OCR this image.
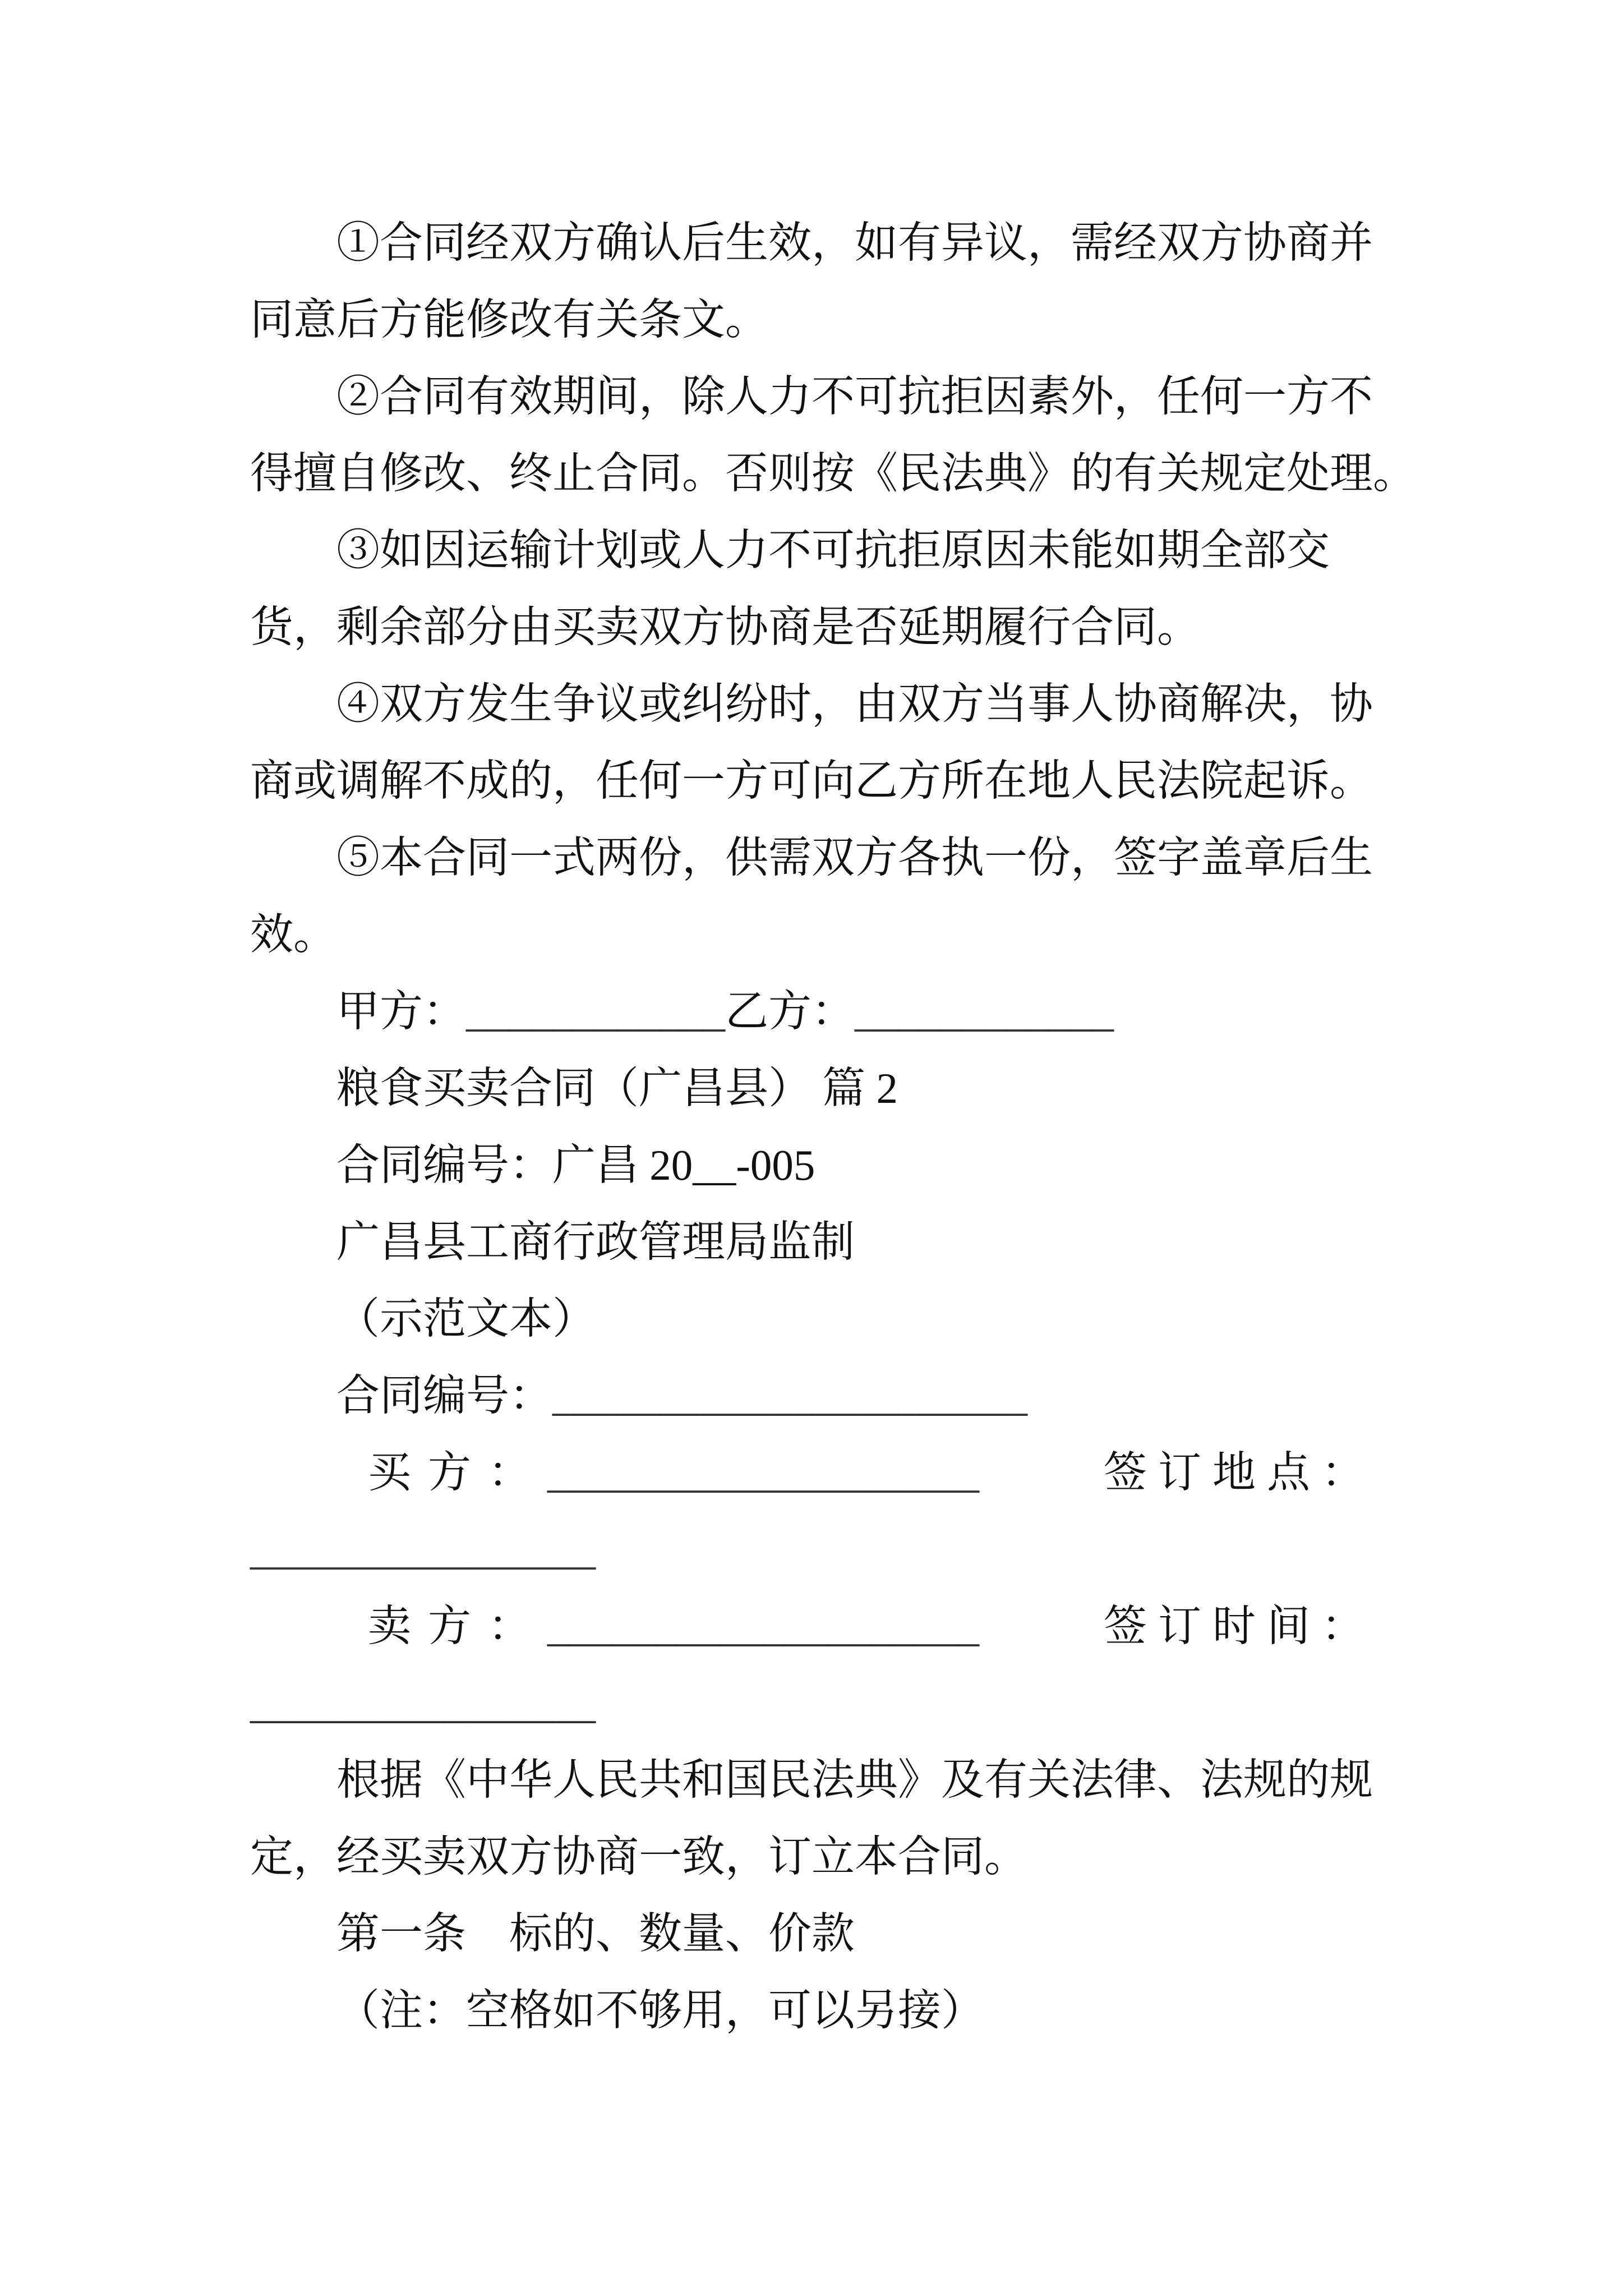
①合同经双方确认后生效，如有异议，需经双方协商并
同意后方能修改有关条文。
②合同有效期间，除人力不可抗拒因素外，任何一方不
得擅自修改、终止合同。否则按《民法典》的有关规定处理。
③如因运输计划或人力不可抗拒原因未能如期全部交
货，剩余部分由买卖双方协商是否延期履行合同。
④双方发生争议或纠纷时，由双方当事人协商解决，协
商或调解不成的，任何一方可向乙方所在地人民法院起诉。
⑤本合同一式两份，供需双方各执一份，签字盖章后生
效。
甲方：____________乙方：____________
粮食买卖合同（广昌县） 篇 2
合同编号：广昌 20__-005
广昌县工商行政管理局监制
（示范文本）
合同编号：______________________
买方： ____________________	签订地点：
________________
卖方： ____________________	签订时间：
________________
根据《中华人民共和国民法典》及有关法律、法规的规
定，经买卖双方协商一致，订立本合同。
第一条　标的、数量、价款
（注：空格如不够用，可以另接）
